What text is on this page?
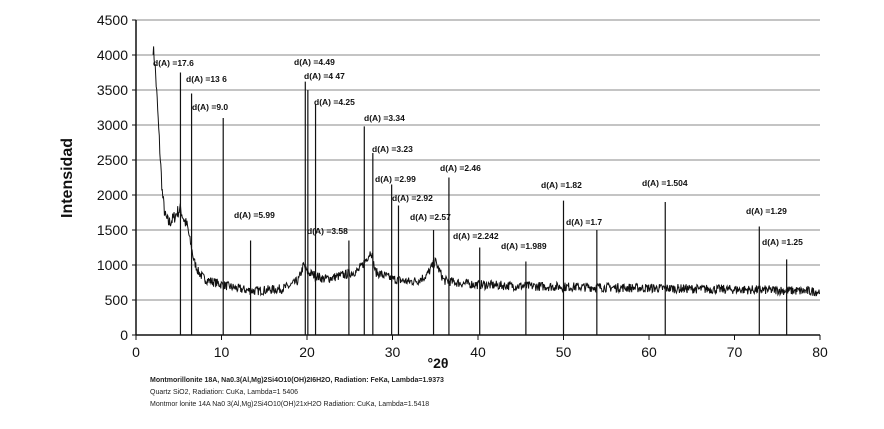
d(A) =17.6
d(A) =13 6
d(A) =9.0
d(A) =5.99
d(A) =4.49
d(A) =4 47
d(A) =4.25
d(A) =3.58
d(A) =3.34
d(A) =3.23
d(A) =2.99
d(A) =2.92
d(A) =2.57
d(A) =2.46
d(A) =2.242
d(A) =1.989
d(A) =1.82
d(A) =1.7
d(A) =1.504
d(A) =1.29
d(A) =1.25
0
500
1000
1500
2000
2500
3000
3500
4000
4500
0	10	20	30	40	50	60	70	80
Intensidad
°2θ
Montmorillonite 18A, Na0.3(Al,Mg)2Si4O10(OH)2I6H2O, Radiation: FeKa, Lambda=1.9373
Quartz SiO2, Radiation: CuKa, Lambda=1 5406
Montmor lonite 14A Na0 3(Al,Mg)2Si4O10(OH)21xH2O Radiation: CuKa, Lambda=1.5418
